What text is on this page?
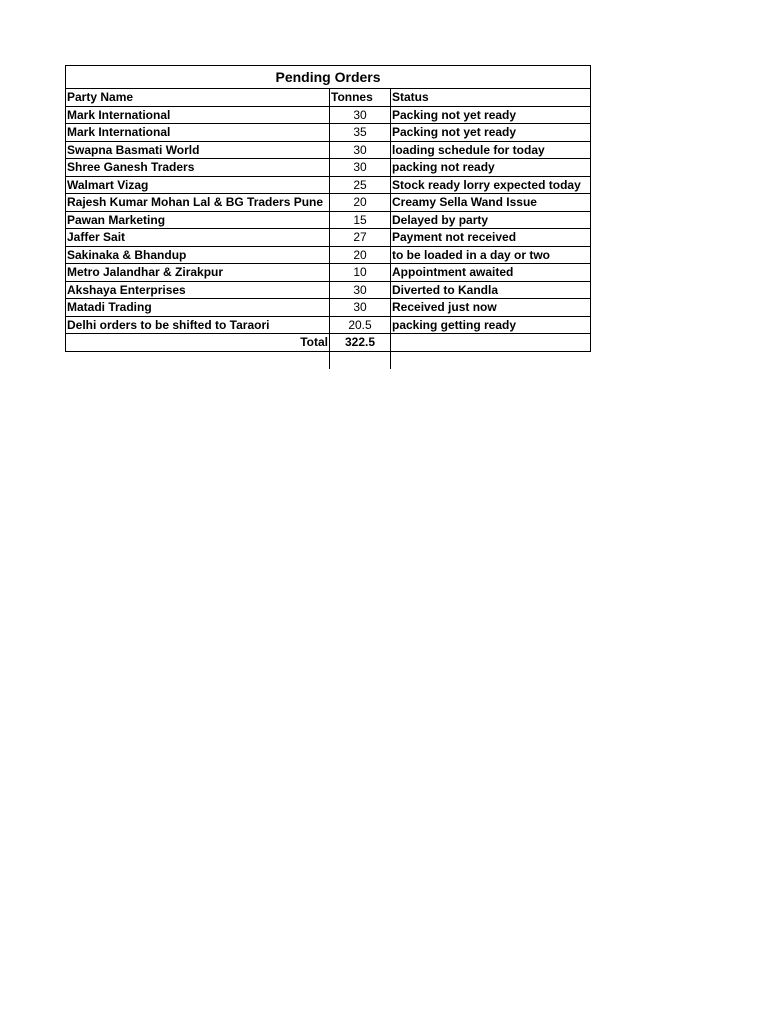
Pending Orders		
Party Name	Tonnes	Status
Mark International	30	Packing not yet ready
Mark International	35	Packing not yet ready
Swapna Basmati World	30	loading schedule for today
Shree Ganesh Traders	30	packing not ready
Walmart Vizag	25	Stock ready lorry expected today
Rajesh Kumar Mohan Lal & BG Traders Pune	20	Creamy Sella Wand Issue
Pawan Marketing	15	Delayed by party
Jaffer Sait	27	Payment not received
Sakinaka & Bhandup	20	to be loaded in a day or two
Metro Jalandhar & Zirakpur	10	Appointment awaited
Akshaya Enterprises	30	Diverted to Kandla
Matadi Trading	30	Received just now
Delhi orders to be shifted to Taraori	20.5	packing getting ready
Total	322.5	
